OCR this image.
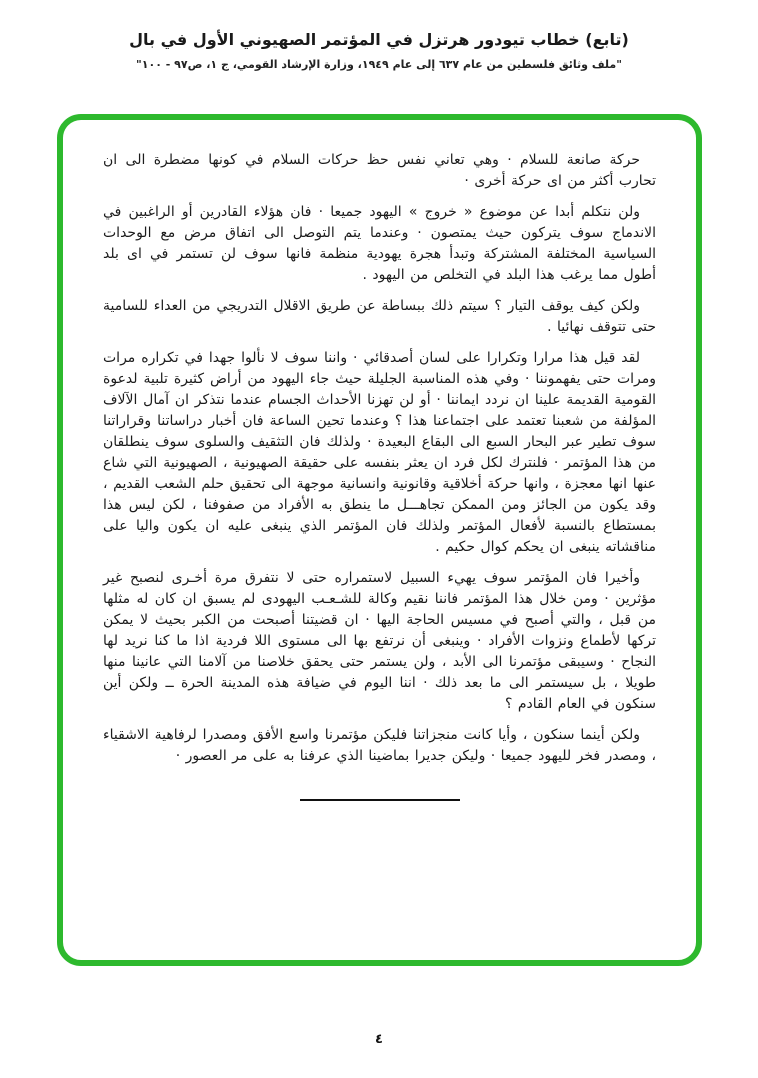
(تابع) خطاب تيودور هرتزل في المؤتمر الصهيوني الأول في بال
"ملف وثائق فلسطين من عام ٦٣٧ إلى عام ١٩٤٩، وزارة الإرشاد القومي، ج ١، ص٩٧ - ١٠٠"

حركة صانعة للسلام · وهي تعاني نفس حظ حركات السلام في كونها مضطرة الى ان تحارب أكثر من اى حركة أخرى ·

ولن نتكلم أبدا عن موضوع « خروج » اليهود جميعا · فان هؤلاء القادرين أو الراغبين في الاندماج سوف يتركون حيث يمتصون · وعندما يتم التوصل الى اتفاق مرض مع الوحدات السياسية المختلفة المشتركة وتبدأ هجرة يهودية منظمة فانها سوف لن تستمر في اى بلد أطول مما يرغب هذا البلد في التخلص من اليهود .

ولكن كيف يوقف التيار ؟ سيتم ذلك ببساطة عن طريق الاقلال التدريجي من العداء للسامية حتى تتوقف نهائيا .

لقد قيل هذا مرارا وتكرارا على لسان أصدقائي · واننا سوف لا نألوا جهدا في تكراره مرات ومرات حتى يفهموننا · وفي هذه المناسبة الجليلة حيث جاء اليهود من أراض كثيرة تلبية لدعوة القومية القديمة علينا ان نردد ايماننا · أو لن تهزنا الأحداث الجسام عندما نتذكر ان آمال الآلاف المؤلفة من شعبنا تعتمد على اجتماعنا هذا ؟ وعندما تحين الساعة فان أخبار دراساتنا وقراراتنا سوف تطير عبر البحار السبع الى البقاع البعيدة · ولذلك فان التثقيف والسلوى سوف ينطلقان من هذا المؤتمر · فلنترك لكل فرد ان يعثر بنفسه على حقيقة الصهيونية ، الصهيونية التي شاع عنها انها معجزة ، وانها حركة أخلاقية وقانونية وانسانية موجهة الى تحقيق حلم الشعب القديم ، وقد يكون من الجائز ومن الممكن تجاهـــل ما ينطق به الأفراد من صفوفنا ، لكن ليس هذا بمستطاع بالنسبة لأفعال المؤتمر ولذلك فان المؤتمر الذي ينبغى عليه ان يكون واليا على مناقشاته ينبغى ان يحكم كوال حكيم .

وأخيرا فان المؤتمر سوف يهيء السبيل لاستمراره حتى لا نتفرق مرة أخـرى لنصبح غير مؤثرين · ومن خلال هذا المؤتمر فاننا نقيم وكالة للشـعـب اليهودى لم يسبق ان كان له مثلها من قبل ، والتي أصبح في مسيس الحاجة اليها · ان قضيتنا أصبحت من الكبر بحيث لا يمكن تركها لأطماع ونزوات الأفراد · وينبغى أن نرتفع بها الى مستوى اللا فردية اذا ما كنا نريد لها النجاح · وسيبقى مؤتمرنا الى الأبد ، ولن يستمر حتى يحقق خلاصنا من آلامنا التي عانينا منها طويلا ، بل سيستمر الى ما بعد ذلك · اننا اليوم في ضيافة هذه المدينة الحرة ــ ولكن أين سنكون في العام القادم ؟

ولكن أينما سنكون ، وأيا كانت منجزاتنا فليكن مؤتمرنا واسع الأفق ومصدرا لرفاهية الاشقياء ، ومصدر فخر لليهود جميعا · وليكن جديرا بماضينا الذي عرفنا به على مر العصور ·

٤
